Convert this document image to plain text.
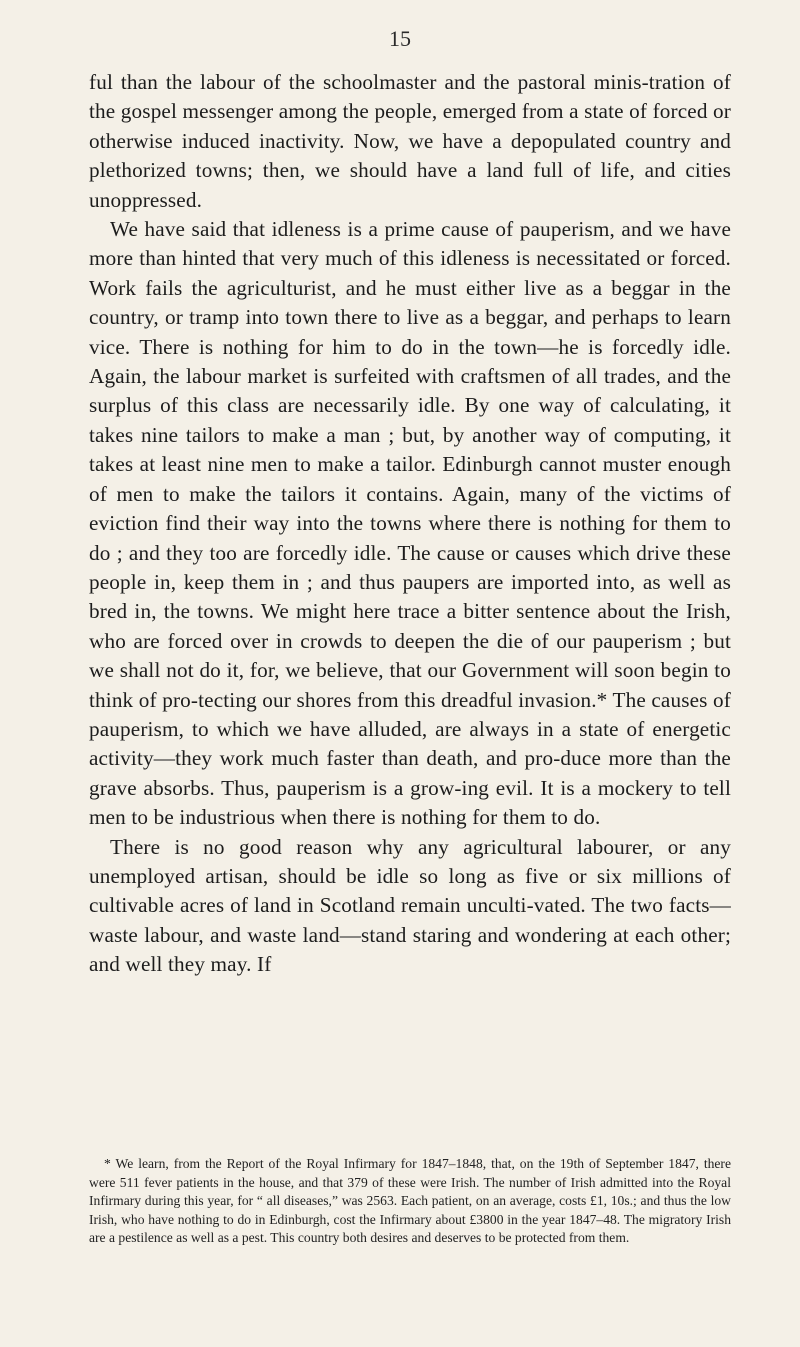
15

ful than the labour of the schoolmaster and the pastoral minis-tration of the gospel messenger among the people, emerged from a state of forced or otherwise induced inactivity. Now, we have a depopulated country and plethorized towns; then, we should have a land full of life, and cities unoppressed.

We have said that idleness is a prime cause of pauperism, and we have more than hinted that very much of this idleness is necessitated or forced. Work fails the agriculturist, and he must either live as a beggar in the country, or tramp into town there to live as a beggar, and perhaps to learn vice. There is nothing for him to do in the town—he is forcedly idle. Again, the labour market is surfeited with craftsmen of all trades, and the surplus of this class are necessarily idle. By one way of calculating, it takes nine tailors to make a man ; but, by another way of computing, it takes at least nine men to make a tailor. Edinburgh cannot muster enough of men to make the tailors it contains. Again, many of the victims of eviction find their way into the towns where there is nothing for them to do ; and they too are forcedly idle. The cause or causes which drive these people in, keep them in ; and thus paupers are imported into, as well as bred in, the towns. We might here trace a bitter sentence about the Irish, who are forced over in crowds to deepen the die of our pauperism ; but we shall not do it, for, we believe, that our Government will soon begin to think of pro-tecting our shores from this dreadful invasion.* The causes of pauperism, to which we have alluded, are always in a state of energetic activity—they work much faster than death, and pro-duce more than the grave absorbs. Thus, pauperism is a grow-ing evil. It is a mockery to tell men to be industrious when there is nothing for them to do.

There is no good reason why any agricultural labourer, or any unemployed artisan, should be idle so long as five or six millions of cultivable acres of land in Scotland remain unculti-vated. The two facts—waste labour, and waste land—stand staring and wondering at each other; and well they may. If

* We learn, from the Report of the Royal Infirmary for 1847–1848, that, on the 19th of September 1847, there were 511 fever patients in the house, and that 379 of these were Irish. The number of Irish admitted into the Royal Infirmary during this year, for “ all diseases,” was 2563. Each patient, on an average, costs £1, 10s.; and thus the low Irish, who have nothing to do in Edinburgh, cost the Infirmary about £3800 in the year 1847–48. The migratory Irish are a pestilence as well as a pest. This country both desires and deserves to be protected from them.
